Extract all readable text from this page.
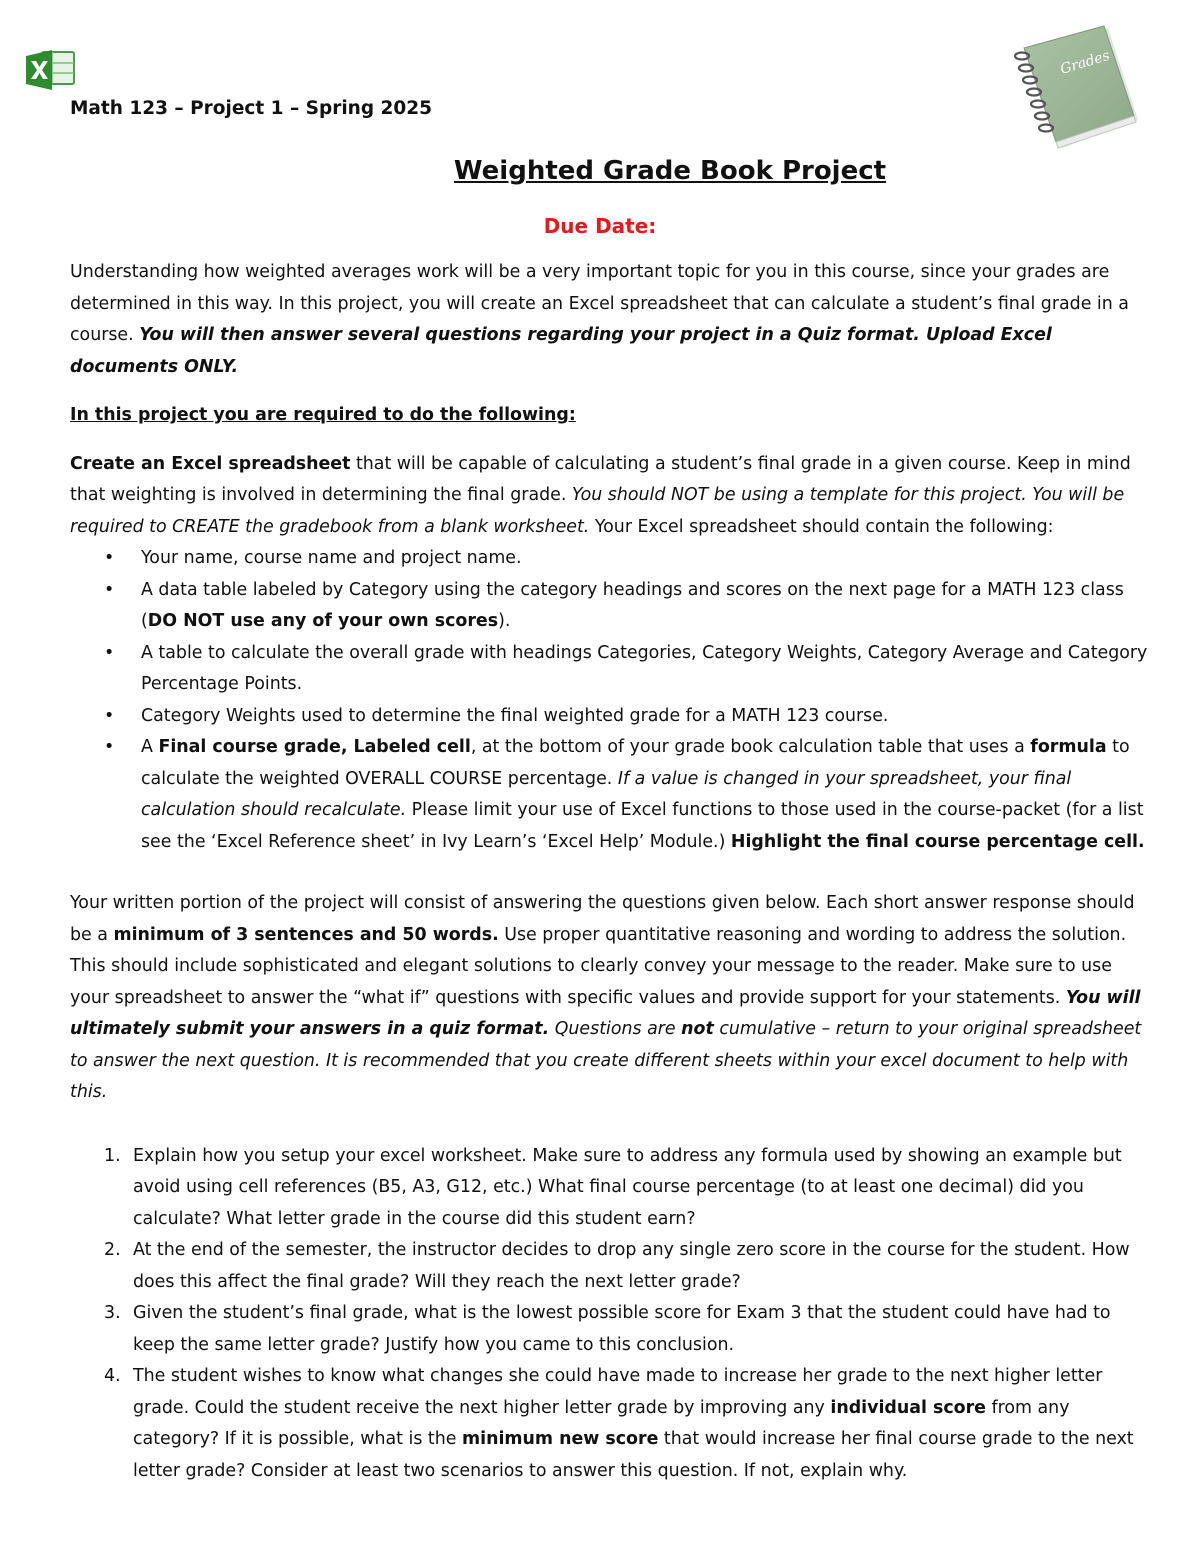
Grades
Math 123 – Project 1 – Spring 2025
Weighted Grade Book Project
Due Date:

Understanding how weighted averages work will be a very important topic for you in this course, since your grades are determined in this way. In this project, you will create an Excel spreadsheet that can calculate a student’s final grade in a course. You will then answer several questions regarding your project in a Quiz format. Upload Excel documents ONLY.

In this project you are required to do the following:

Create an Excel spreadsheet that will be capable of calculating a student’s final grade in a given course. Keep in mind that weighting is involved in determining the final grade. You should NOT be using a template for this project. You will be required to CREATE the gradebook from a blank worksheet. Your Excel spreadsheet should contain the following:

• Your name, course name and project name.
• A data table labeled by Category using the category headings and scores on the next page for a MATH 123 class (DO NOT use any of your own scores).
• A table to calculate the overall grade with headings Categories, Category Weights, Category Average and Category Percentage Points.
• Category Weights used to determine the final weighted grade for a MATH 123 course.
• A Final course grade, Labeled cell, at the bottom of your grade book calculation table that uses a formula to calculate the weighted OVERALL COURSE percentage. If a value is changed in your spreadsheet, your final calculation should recalculate. Please limit your use of Excel functions to those used in the course-packet (for a list see the ‘Excel Reference sheet’ in Ivy Learn’s ‘Excel Help’ Module.) Highlight the final course percentage cell.

Your written portion of the project will consist of answering the questions given below. Each short answer response should be a minimum of 3 sentences and 50 words. Use proper quantitative reasoning and wording to address the solution. This should include sophisticated and elegant solutions to clearly convey your message to the reader. Make sure to use your spreadsheet to answer the “what if” questions with specific values and provide support for your statements. You will ultimately submit your answers in a quiz format. Questions are not cumulative – return to your original spreadsheet to answer the next question. It is recommended that you create different sheets within your excel document to help with this.

1. Explain how you setup your excel worksheet. Make sure to address any formula used by showing an example but avoid using cell references (B5, A3, G12, etc.) What final course percentage (to at least one decimal) did you calculate? What letter grade in the course did this student earn?
2. At the end of the semester, the instructor decides to drop any single zero score in the course for the student. How does this affect the final grade? Will they reach the next letter grade?
3. Given the student’s final grade, what is the lowest possible score for Exam 3 that the student could have had to keep the same letter grade? Justify how you came to this conclusion.
4. The student wishes to know what changes she could have made to increase her grade to the next higher letter grade. Could the student receive the next higher letter grade by improving any individual score from any category? If it is possible, what is the minimum new score that would increase her final course grade to the next letter grade? Consider at least two scenarios to answer this question. If not, explain why.
